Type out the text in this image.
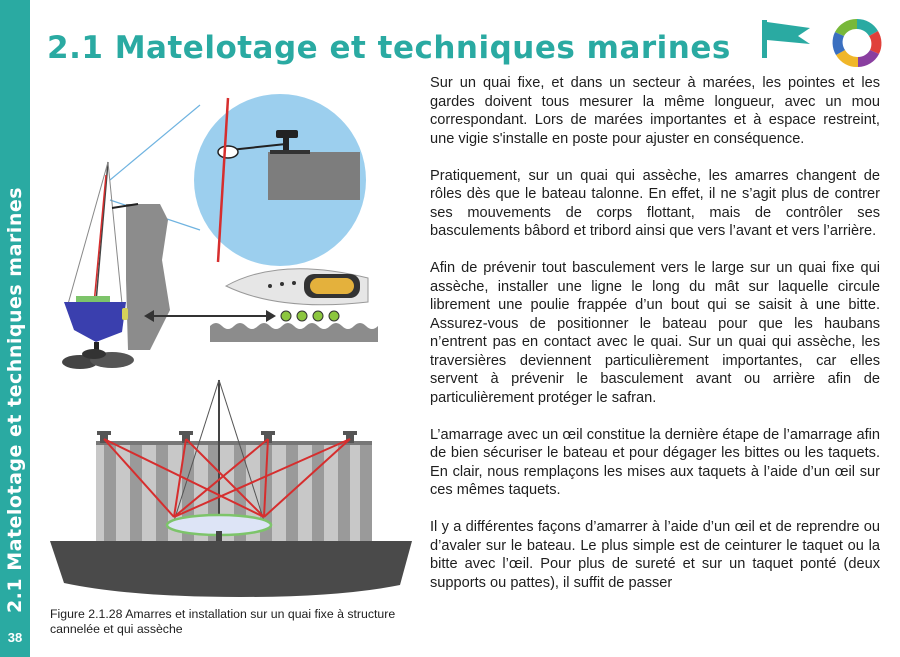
2.1 Matelotage et techniques marines
38
2.1 Matelotage et techniques marines
Figure 2.1.28 Amarres et installation sur un quai fixe à structure cannelée et qui assèche

Sur un quai fixe, et dans un secteur à marées, les pointes et les gardes doivent tous mesurer la même longueur, avec un mou correspondant. Lors de marées importantes et à espace restreint, une vigie s'installe en poste pour ajuster en conséquence.

Pratiquement, sur un quai qui assèche, les amarres changent de rôles dès que le bateau talonne. En effet, il ne s’agit plus de contrer ses mouvements de corps flottant, mais de contrôler ses basculements bâbord et tribord ainsi que vers l’avant et vers l’arrière.

Afin de prévenir tout basculement vers le large sur un quai fixe qui assèche, installer une ligne le long du mât sur laquelle circule librement une poulie frappée d’un bout qui se saisit à une bitte. Assurez-vous de positionner le bateau pour que les haubans n’entrent pas en contact avec le quai. Sur un quai qui assèche, les traversières deviennent particulièrement importantes, car elles servent à prévenir le basculement avant ou arrière afin de particulièrement protéger le safran.

L’amarrage avec un œil constitue la dernière étape de l’amarrage afin de bien sécuriser le bateau et pour dégager les bittes ou les taquets. En clair, nous remplaçons les mises aux taquets à l’aide d’un œil sur ces mêmes taquets.

Il y a différentes façons d’amarrer à l’aide d’un œil et de reprendre ou d’avaler sur le bateau. Le plus simple est de ceinturer le taquet ou la bitte avec l’œil. Pour plus de sureté et sur un taquet ponté (deux supports ou pattes), il suffit de passer
